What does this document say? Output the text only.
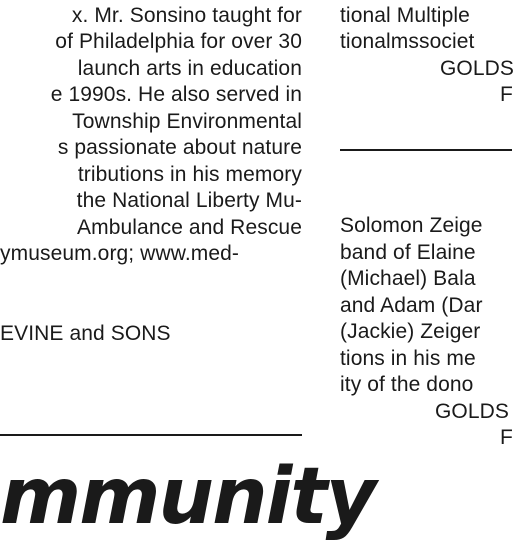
x. Mr. Sonsino taught for
of Philadelphia for over 30
launch arts in education
e 1990s. He also served in
Township Environmental
s passionate about nature
tributions in his memory
the National Liberty Mu-
Ambulance and Rescue
ymuseum.org; www.med-
EVINE and SONS
mmunity
tional Multiple
tionalmssociet
GOLDS
F
Solomon Zeige
band of Elaine
(Michael) Bala
and Adam (Dar
(Jackie) Zeiger
tions in his me
ity of the dono
GOLDS
F
